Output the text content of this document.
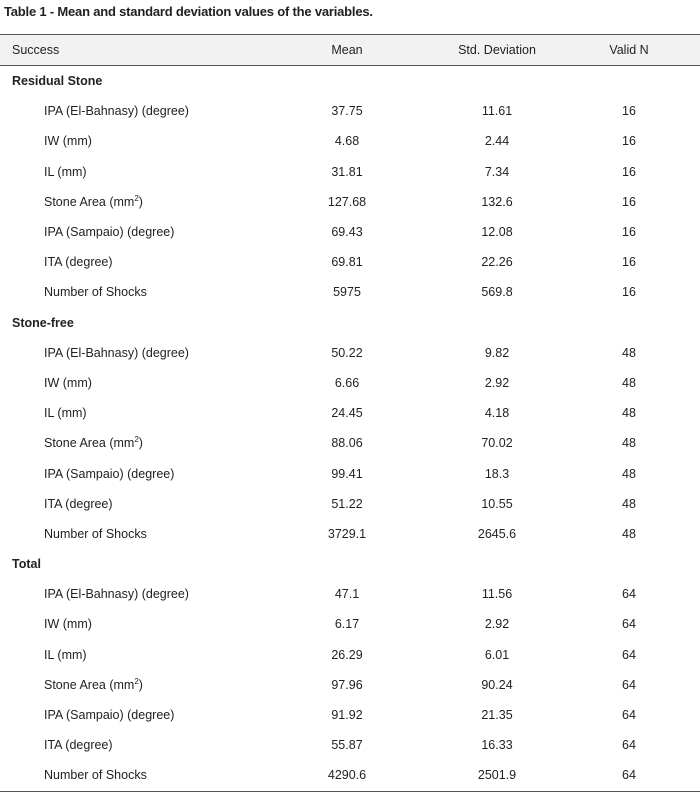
Table 1 - Mean and standard deviation values of the variables.
Success	Mean	Std. Deviation	Valid N
Residual Stone			
IPA (El-Bahnasy) (degree)	37.75	11.61	16
IW (mm)	4.68	2.44	16
IL (mm)	31.81	7.34	16
Stone Area $(mm^2)$	127.68	132.6	16
IPA (Sampaio) (degree)	69.43	12.08	16
ITA (degree)	69.81	22.26	16
Number of Shocks	5975	569.8	16
Stone-free			
IPA (El-Bahnasy) (degree)	50.22	9.82	48
IW (mm)	6.66	2.92	48
IL (mm)	24.45	4.18	48
Stone Area $(mm^2)$	88.06	70.02	48
IPA (Sampaio) (degree)	99.41	18.3	48
ITA (degree)	51.22	10.55	48
Number of Shocks	3729.1	2645.6	48
Total			
IPA (El-Bahnasy) (degree)	47.1	11.56	64
IW (mm)	6.17	2.92	64
IL (mm)	26.29	6.01	64
Stone Area $(mm^2)$	97.96	90.24	64
IPA (Sampaio) (degree)	91.92	21.35	64
ITA (degree)	55.87	16.33	64
Number of Shocks	4290.6	2501.9	64
